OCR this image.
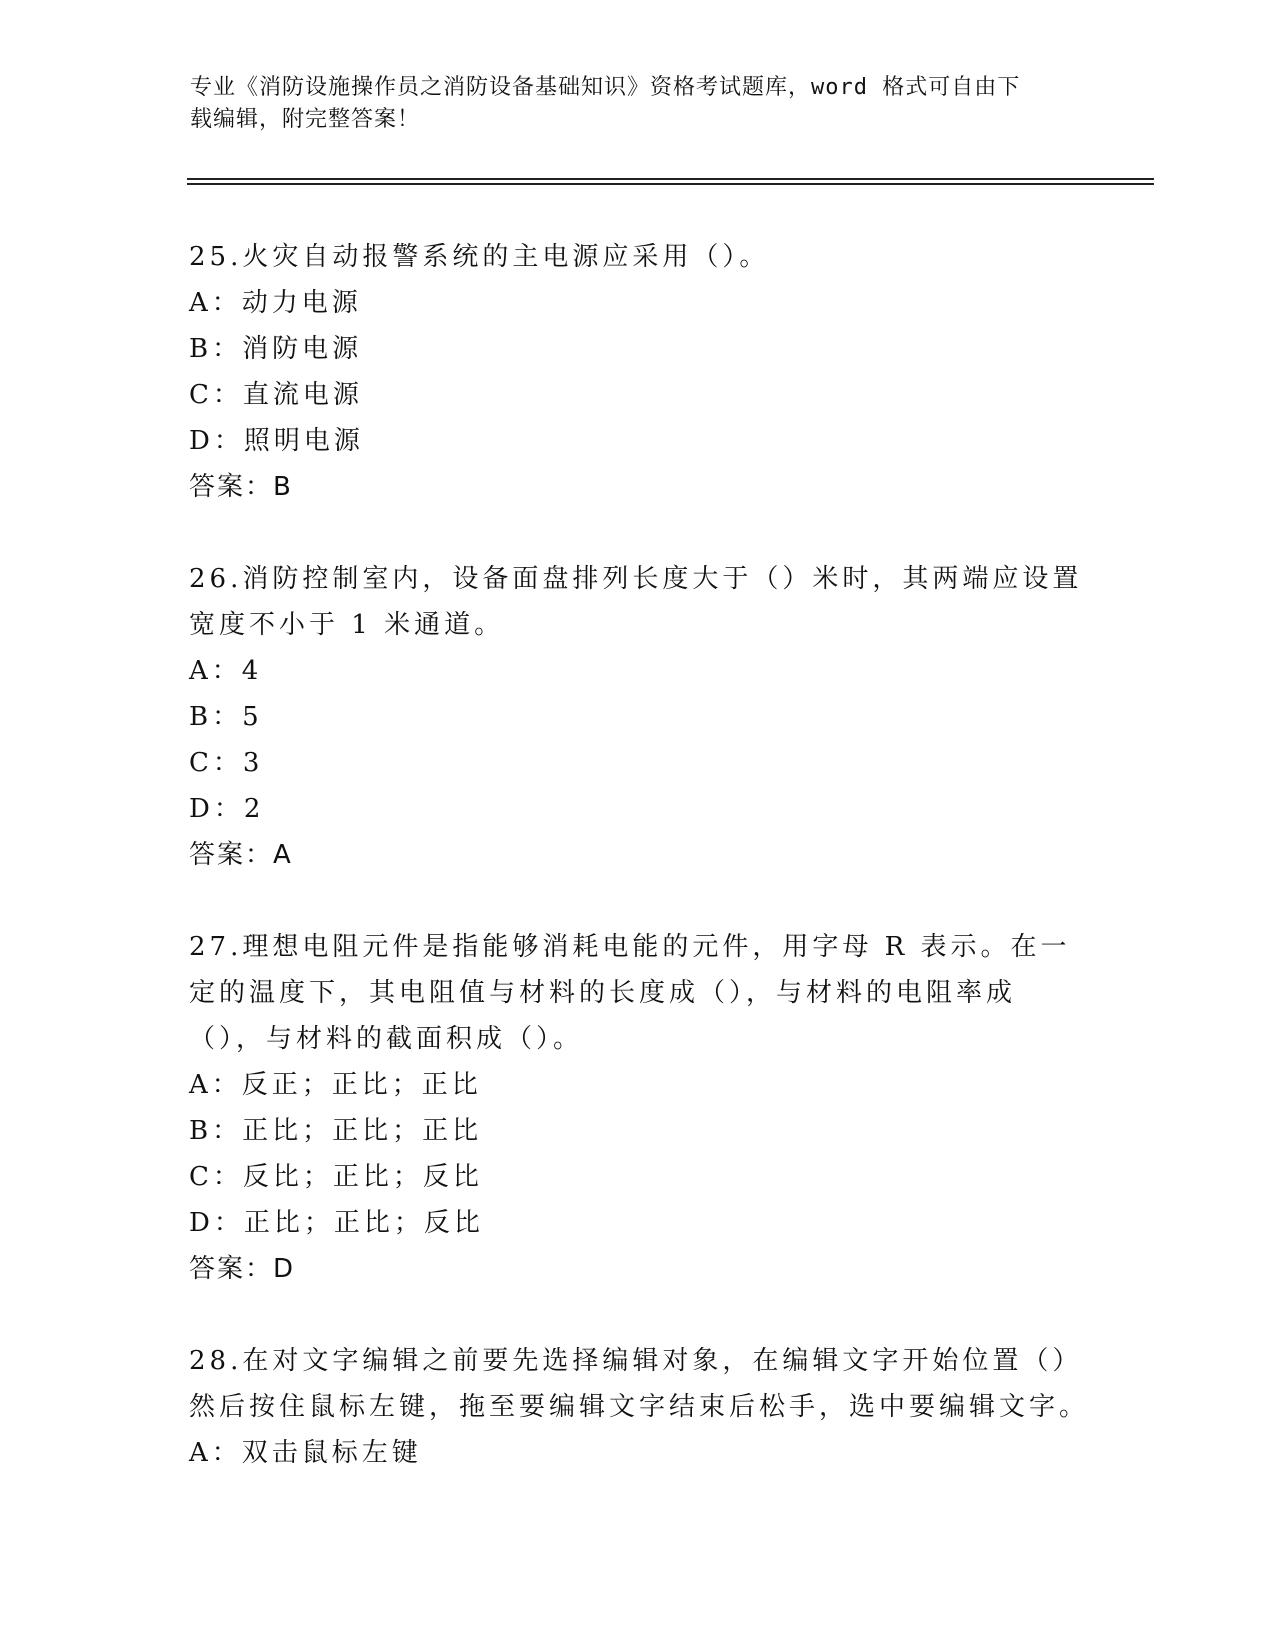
专业《消防设施操作员之消防设备基础知识》资格考试题库，word 格式可自由下
载编辑，附完整答案！

25.火灾自动报警系统的主电源应采用（）。

A：动力电源

B：消防电源

C：直流电源

D：照明电源

答案：B

26.消防控制室内，设备面盘排列长度大于（）米时，其两端应设置宽度不小于 1 米通道。

A：4

B：5

C：3

D：2

答案：A

27.理想电阻元件是指能够消耗电能的元件，用字母 R 表示。在一定的温度下，其电阻值与材料的长度成（），与材料的电阻率成（），与材料的截面积成（）。

A：反正；正比；正比

B：正比；正比；正比

C：反比；正比；反比

D：正比；正比；反比

答案：D

28.在对文字编辑之前要先选择编辑对象，在编辑文字开始位置（）然后按住鼠标左键，拖至要编辑文字结束后松手，选中要编辑文字。

A：双击鼠标左键
